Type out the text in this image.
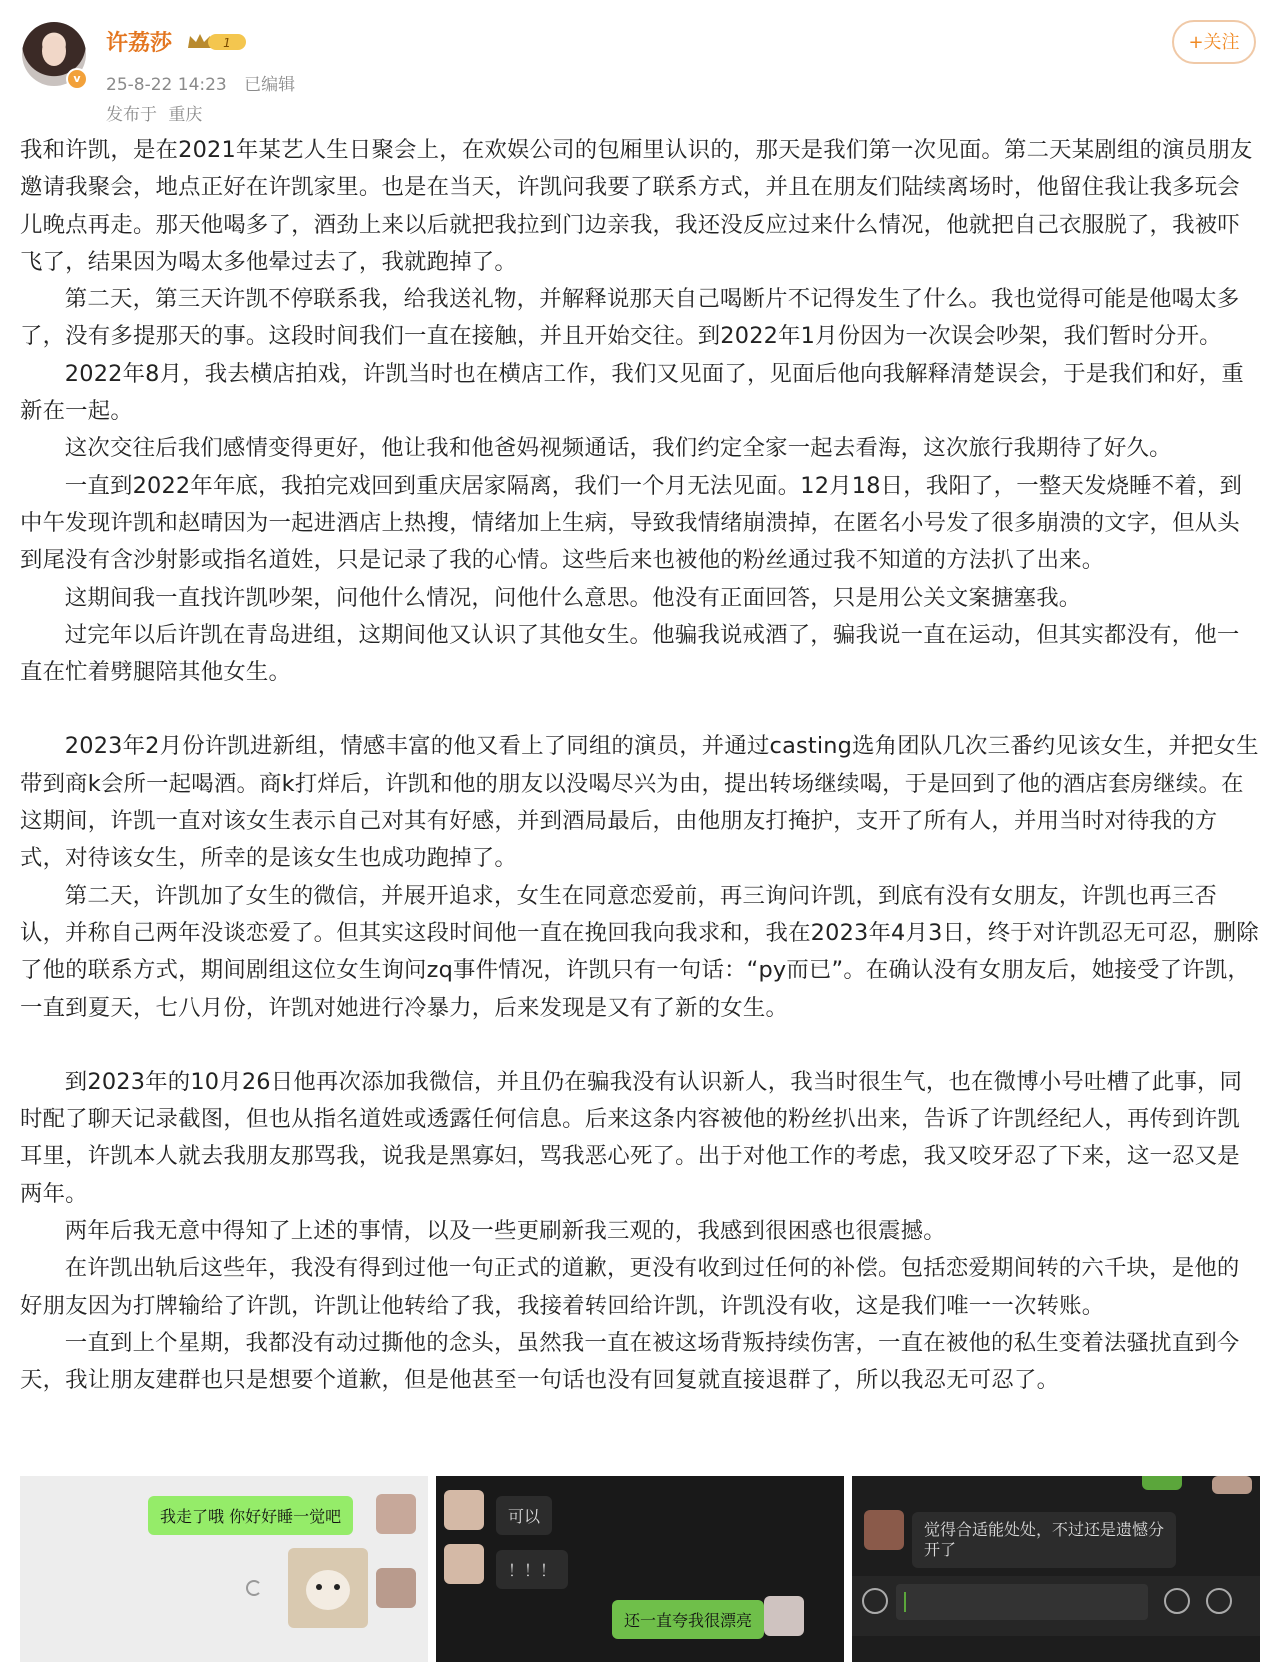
v
许荔莎	1
25-8-22 14:23 已编辑
发布于 重庆
+关注

我和许凯，是在2021年某艺人生日聚会上，在欢娱公司的包厢里认识的，那天是我们第一次见面。第二天某剧组的演员朋友邀请我聚会，地点正好在许凯家里。也是在当天，许凯问我要了联系方式，并且在朋友们陆续离场时，他留住我让我多玩会儿晚点再走。那天他喝多了，酒劲上来以后就把我拉到门边亲我，我还没反应过来什么情况，他就把自己衣服脱了，我被吓飞了，结果因为喝太多他晕过去了，我就跑掉了。

第二天，第三天许凯不停联系我，给我送礼物，并解释说那天自己喝断片不记得发生了什么。我也觉得可能是他喝太多了，没有多提那天的事。这段时间我们一直在接触，并且开始交往。到2022年1月份因为一次误会吵架，我们暂时分开。

2022年8月，我去横店拍戏，许凯当时也在横店工作，我们又见面了，见面后他向我解释清楚误会，于是我们和好，重新在一起。

这次交往后我们感情变得更好，他让我和他爸妈视频通话，我们约定全家一起去看海，这次旅行我期待了好久。

一直到2022年年底，我拍完戏回到重庆居家隔离，我们一个月无法见面。12月18日，我阳了，一整天发烧睡不着，到中午发现许凯和赵晴因为一起进酒店上热搜，情绪加上生病，导致我情绪崩溃掉，在匿名小号发了很多崩溃的文字，但从头到尾没有含沙射影或指名道姓，只是记录了我的心情。这些后来也被他的粉丝通过我不知道的方法扒了出来。

这期间我一直找许凯吵架，问他什么情况，问他什么意思。他没有正面回答，只是用公关文案搪塞我。

过完年以后许凯在青岛进组，这期间他又认识了其他女生。他骗我说戒酒了，骗我说一直在运动，但其实都没有，他一直在忙着劈腿陪其他女生。

2023年2月份许凯进新组，情感丰富的他又看上了同组的演员，并通过casting选角团队几次三番约见该女生，并把女生带到商k会所一起喝酒。商k打烊后，许凯和他的朋友以没喝尽兴为由，提出转场继续喝，于是回到了他的酒店套房继续。在这期间，许凯一直对该女生表示自己对其有好感，并到酒局最后，由他朋友打掩护，支开了所有人，并用当时对待我的方式，对待该女生，所幸的是该女生也成功跑掉了。

第二天，许凯加了女生的微信，并展开追求，女生在同意恋爱前，再三询问许凯，到底有没有女朋友，许凯也再三否认，并称自己两年没谈恋爱了。但其实这段时间他一直在挽回我向我求和，我在2023年4月3日，终于对许凯忍无可忍，删除了他的联系方式，期间剧组这位女生询问zq事件情况，许凯只有一句话：“py而已”。在确认没有女朋友后，她接受了许凯，一直到夏天，七八月份，许凯对她进行冷暴力，后来发现是又有了新的女生。

到2023年的10月26日他再次添加我微信，并且仍在骗我没有认识新人，我当时很生气，也在微博小号吐槽了此事，同时配了聊天记录截图，但也从指名道姓或透露任何信息。后来这条内容被他的粉丝扒出来，告诉了许凯经纪人，再传到许凯耳里，许凯本人就去我朋友那骂我，说我是黑寡妇，骂我恶心死了。出于对他工作的考虑，我又咬牙忍了下来，这一忍又是两年。

两年后我无意中得知了上述的事情，以及一些更刷新我三观的，我感到很困惑也很震撼。

在许凯出轨后这些年，我没有得到过他一句正式的道歉，更没有收到过任何的补偿。包括恋爱期间转的六千块，是他的好朋友因为打牌输给了许凯，许凯让他转给了我，我接着转回给许凯，许凯没有收，这是我们唯一一次转账。

一直到上个星期，我都没有动过撕他的念头，虽然我一直在被这场背叛持续伤害，一直在被他的私生变着法骚扰直到今天，我让朋友建群也只是想要个道歉，但是他甚至一句话也没有回复就直接退群了，所以我忍无可忍了。

我走了哦 你好好睡一觉吧	可以
！！！
还一直夸我很漂亮
觉得合适能处处，不过还是遗憾分开了
